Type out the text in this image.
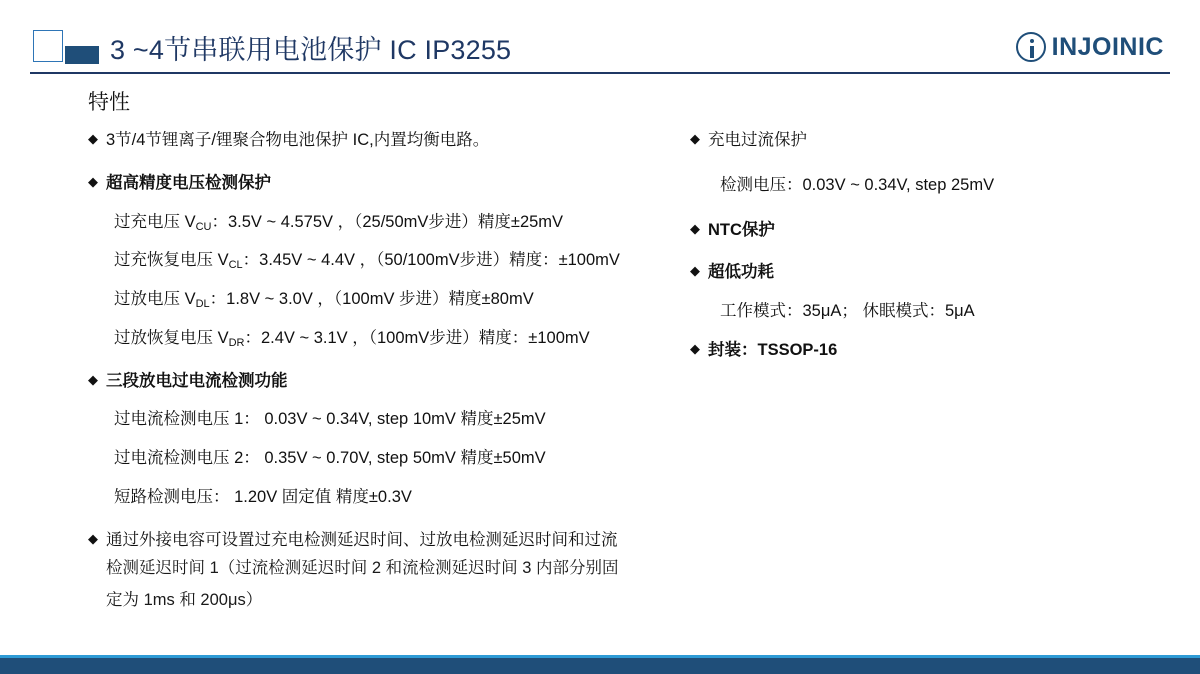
3 ~4节串联用电池保护 IC IP3255	INJOINIC
特性
◆ 3节/4节锂离子/锂聚合物电池保护 IC,内置均衡电路。
◆ 超高精度电压检测保护
过充电压 $V_{CU}$：3.5V ~ 4.575V ，（25/50mV步进）精度±25mV
过充恢复电压 $V_{CL}$：3.45V ~ 4.4V ，（50/100mV步进）精度：±100mV
过放电压 $V_{DL}$：1.8V ~ 3.0V ，（100mV 步进）精度±80mV
过放恢复电压 $V_{DR}$：2.4V ~ 3.1V ，（100mV步进）精度：±100mV
◆ 三段放电过电流检测功能
过电流检测电压 1： 0.03V ~ 0.34V, step 10mV 精度±25mV
过电流检测电压 2： 0.35V ~ 0.70V, step 50mV 精度±50mV
短路检测电压： 1.20V 固定值 精度±0.3V
◆ 通过外接电容可设置过充电检测延迟时间、过放电检测延迟时间和过流
检测延迟时间 1（过流检测延迟时间 2 和流检测延迟时间 3 内部分别固
定为 1ms 和 200μs）
◆ 充电过流保护
检测电压：0.03V ~ 0.34V, step 25mV
◆ NTC保护
◆ 超低功耗
工作模式：35μA； 休眠模式：5μA
◆ 封装：TSSOP-16
